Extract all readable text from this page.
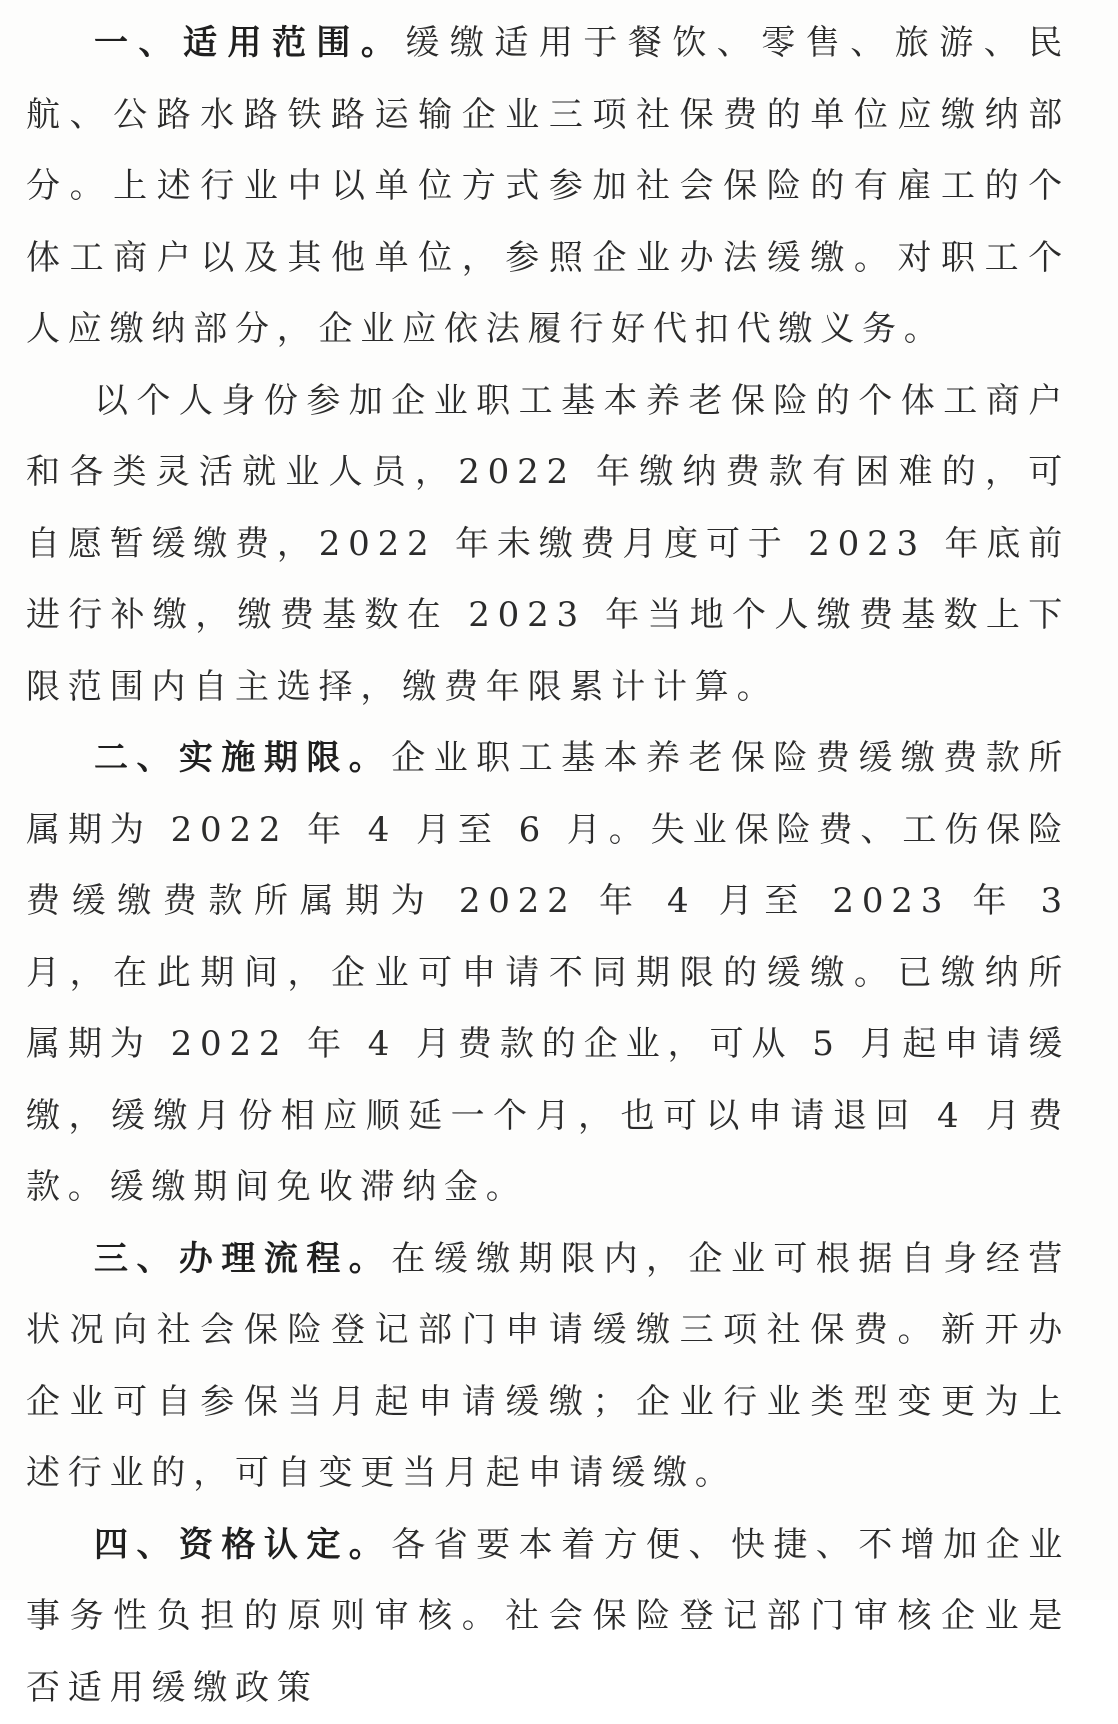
一、适用范围。缓缴适用于餐饮、零售、旅游、民航、公路水路铁路运输企业三项社保费的单位应缴纳部分。上述行业中以单位方式参加社会保险的有雇工的个体工商户以及其他单位，参照企业办法缓缴。对职工个人应缴纳部分，企业应依法履行好代扣代缴义务。

以个人身份参加企业职工基本养老保险的个体工商户和各类灵活就业人员，2022 年缴纳费款有困难的，可自愿暂缓缴费，2022 年未缴费月度可于 2023 年底前进行补缴，缴费基数在 2023 年当地个人缴费基数上下限范围内自主选择，缴费年限累计计算。

二、实施期限。企业职工基本养老保险费缓缴费款所属期为 2022 年 4 月至 6 月。失业保险费、工伤保险费缓缴费款所属期为 2022 年 4 月至 2023 年 3 月，在此期间，企业可申请不同期限的缓缴。已缴纳所属期为 2022 年 4 月费款的企业，可从 5 月起申请缓缴，缓缴月份相应顺延一个月，也可以申请退回 4 月费款。缓缴期间免收滞纳金。

三、办理流程。在缓缴期限内，企业可根据自身经营状况向社会保险登记部门申请缓缴三项社保费。新开办企业可自参保当月起申请缓缴；企业行业类型变更为上述行业的，可自变更当月起申请缓缴。

四、资格认定。各省要本着方便、快捷、不增加企业事务性负担的原则审核。社会保险登记部门审核企业是否适用缓缴政策
